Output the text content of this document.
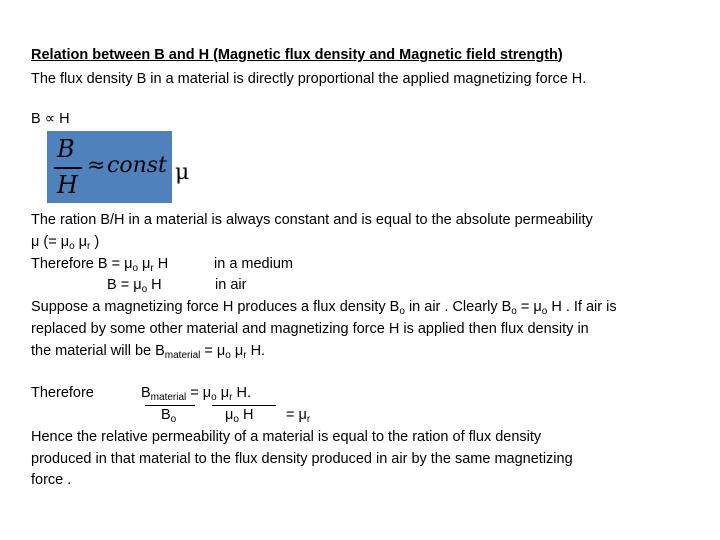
Relation between B and H (Magnetic flux density and Magnetic field strength)
The flux density B in a material is directly proportional the applied magnetizing force H.
B ∝ H
B
H
≈ const μ
The ration B/H in a material is always constant and is equal to the absolute permeability
μ (= $\mu_o$ $\mu_r$ )
Therefore $B = \mu_o$ $\mu_r$ H	in a medium
$B = \mu_o$ H	in air
Suppose a magnetizing force H produces a flux density $B_o$ in air . Clearly $B_o = \mu_o$ H . If air is
replaced by some other material and magnetizing force H is applied then flux density in
the material will be $B_{material} = \mu_o$ $\mu_r$ H.
Therefore	$B_{material} = \mu_o$ $\mu_r$ H.
$B_o$	$\mu_o$ $H = \mu_r$
Hence the relative permeability of a material is equal to the ration of flux density
produced in that material to the flux density produced in air by the same magnetizing
force .
